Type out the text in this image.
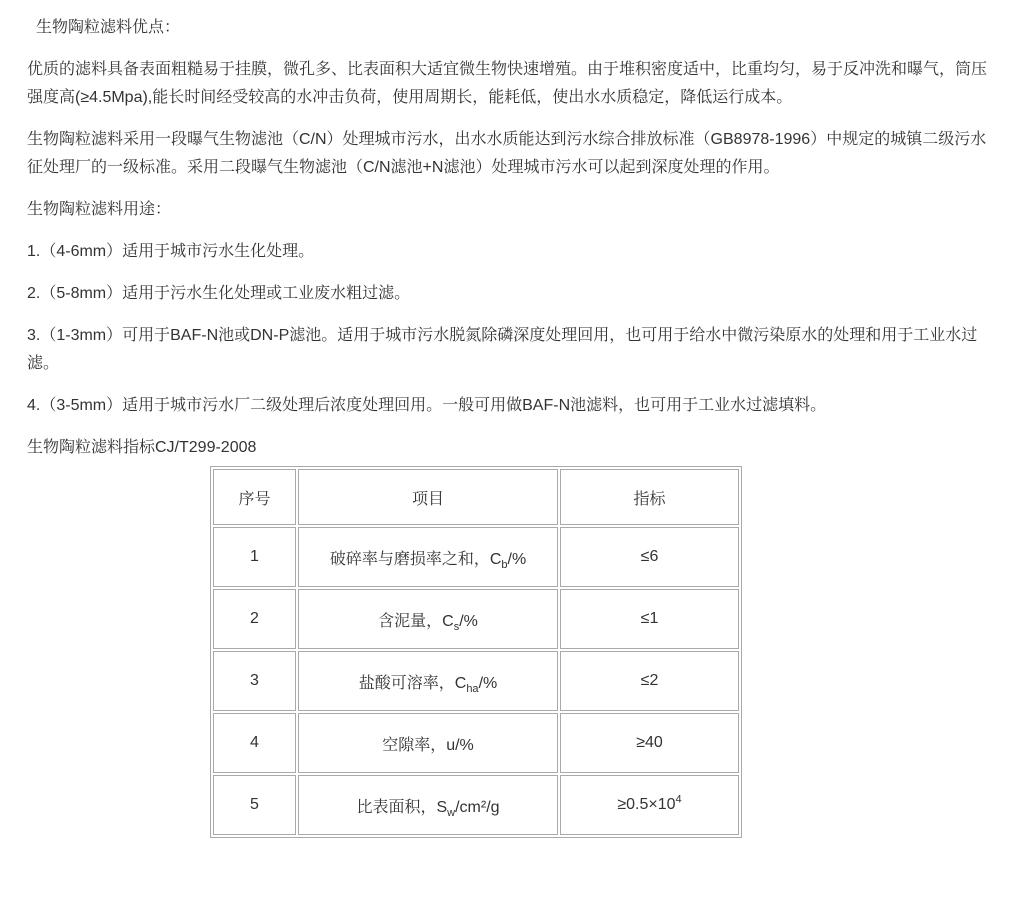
生物陶粒滤料优点：

优质的滤料具备表面粗糙易于挂膜，微孔多、比表面积大适宜微生物快速增殖。由于堆积密度适中，比重均匀，易于反冲洗和曝气，筒压强度高(≥4.5Mpa),能长时间经受较高的水冲击负荷，使用周期长，能耗低，使出水水质稳定，降低运行成本。

生物陶粒滤料采用一段曝气生物滤池（C/N）处理城市污水，出水水质能达到污水综合排放标准（GB8978-1996）中规定的城镇二级污水征处理厂的一级标准。采用二段曝气生物滤池（C/N滤池+N滤池）处理城市污水可以起到深度处理的作用。

生物陶粒滤料用途：

1.（4-6mm）适用于城市污水生化处理。

2.（5-8mm）适用于污水生化处理或工业废水粗过滤。

3.（1-3mm）可用于BAF-N池或DN-P滤池。适用于城市污水脱氮除磷深度处理回用，也可用于给水中微污染原水的处理和用于工业水过滤。

4.（3-5mm）适用于城市污水厂二级处理后浓度处理回用。一般可用做BAF-N池滤料，也可用于工业水过滤填料。

生物陶粒滤料指标CJ/T299-2008

序号	项目	指标
1	破碎率与磨损率之和，$C_b/\%$	≤6
2	含泥量，$C_s/\%$	≤1
3	盐酸可溶率，$C_{ha}/\%$	≤2
4	空隙率，u/%	≥40
5	比表面积，$S_w/cm^2/g$	$\ge 0.5\times 10^4$
